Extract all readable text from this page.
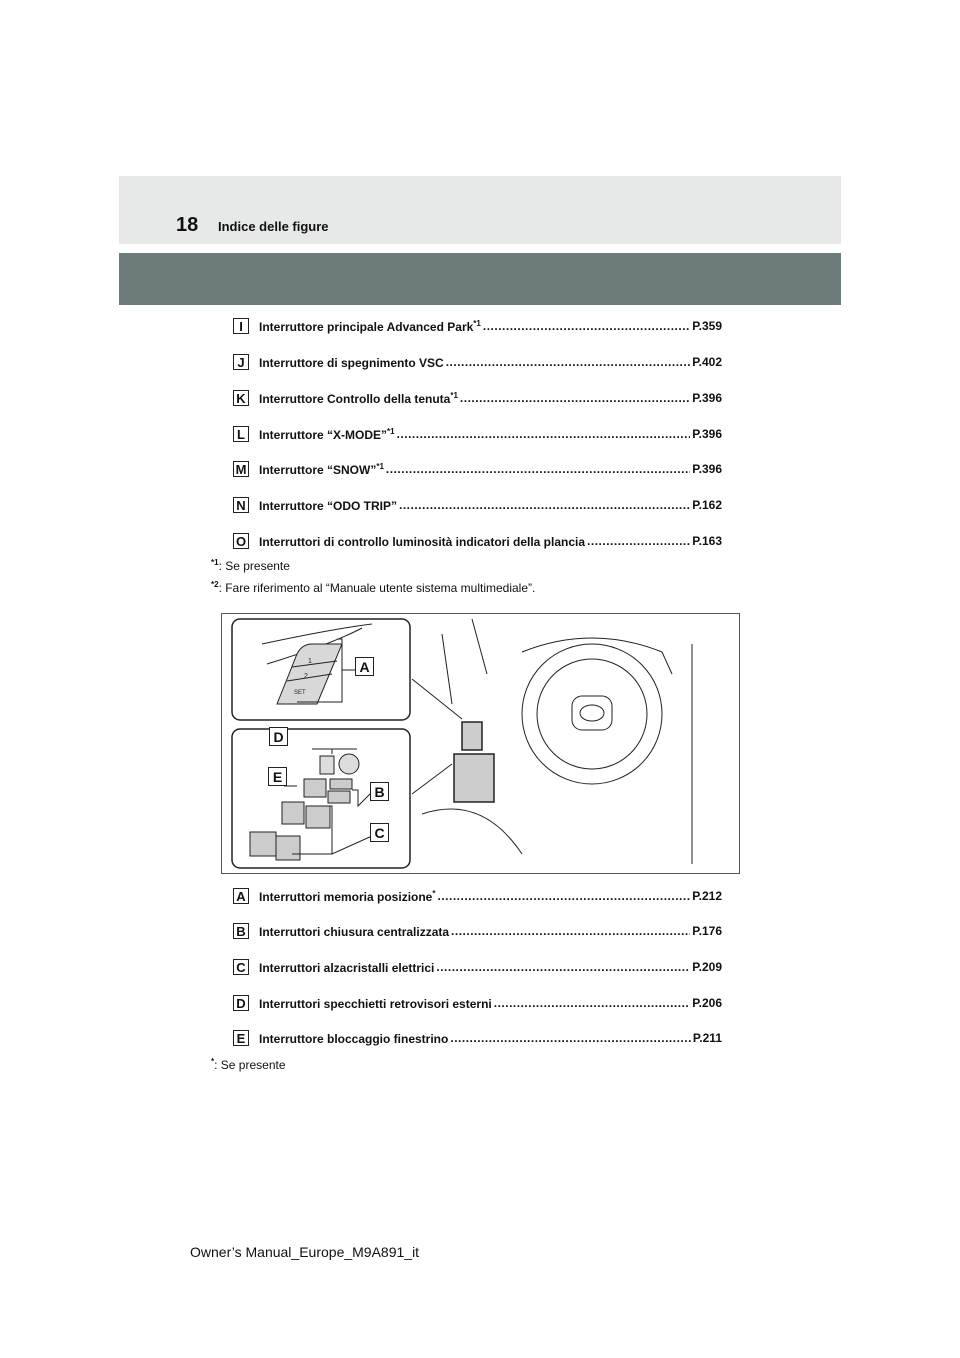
18 Indice delle figure
I	Interruttore principale Advanced Park$^{*1}$ .....	P.359
J	Interruttore di spegnimento VSC .....	P.402
K Interruttore Controllo della tenuta$^{*1}$ .....	P.396
L	Interruttore “X-MODE”$^{*1}$ .....	P.396
M Interruttore “SNOW”$^{*1}$ .....	P.396
N Interruttore “ODO TRIP” .....	P.162
O Interruttori di controllo luminosità indicatori della plancia .....	P.163
$^{*1}$: Se presente
$^{*2}$: Fare riferimento al “Manuale utente sistema multimediale”.
1
2
SET
A
B
C
D
E
A Interruttori memoria posizione* .....	P.212
B Interruttori chiusura centralizzata .....	P.176
C Interruttori alzacristalli elettrici .....	P.209
D Interruttori specchietti retrovisori esterni .....	P.206
E	Interruttore bloccaggio finestrino .....	P.211
*: Se presente
Owner’s Manual_Europe_M9A891_it
